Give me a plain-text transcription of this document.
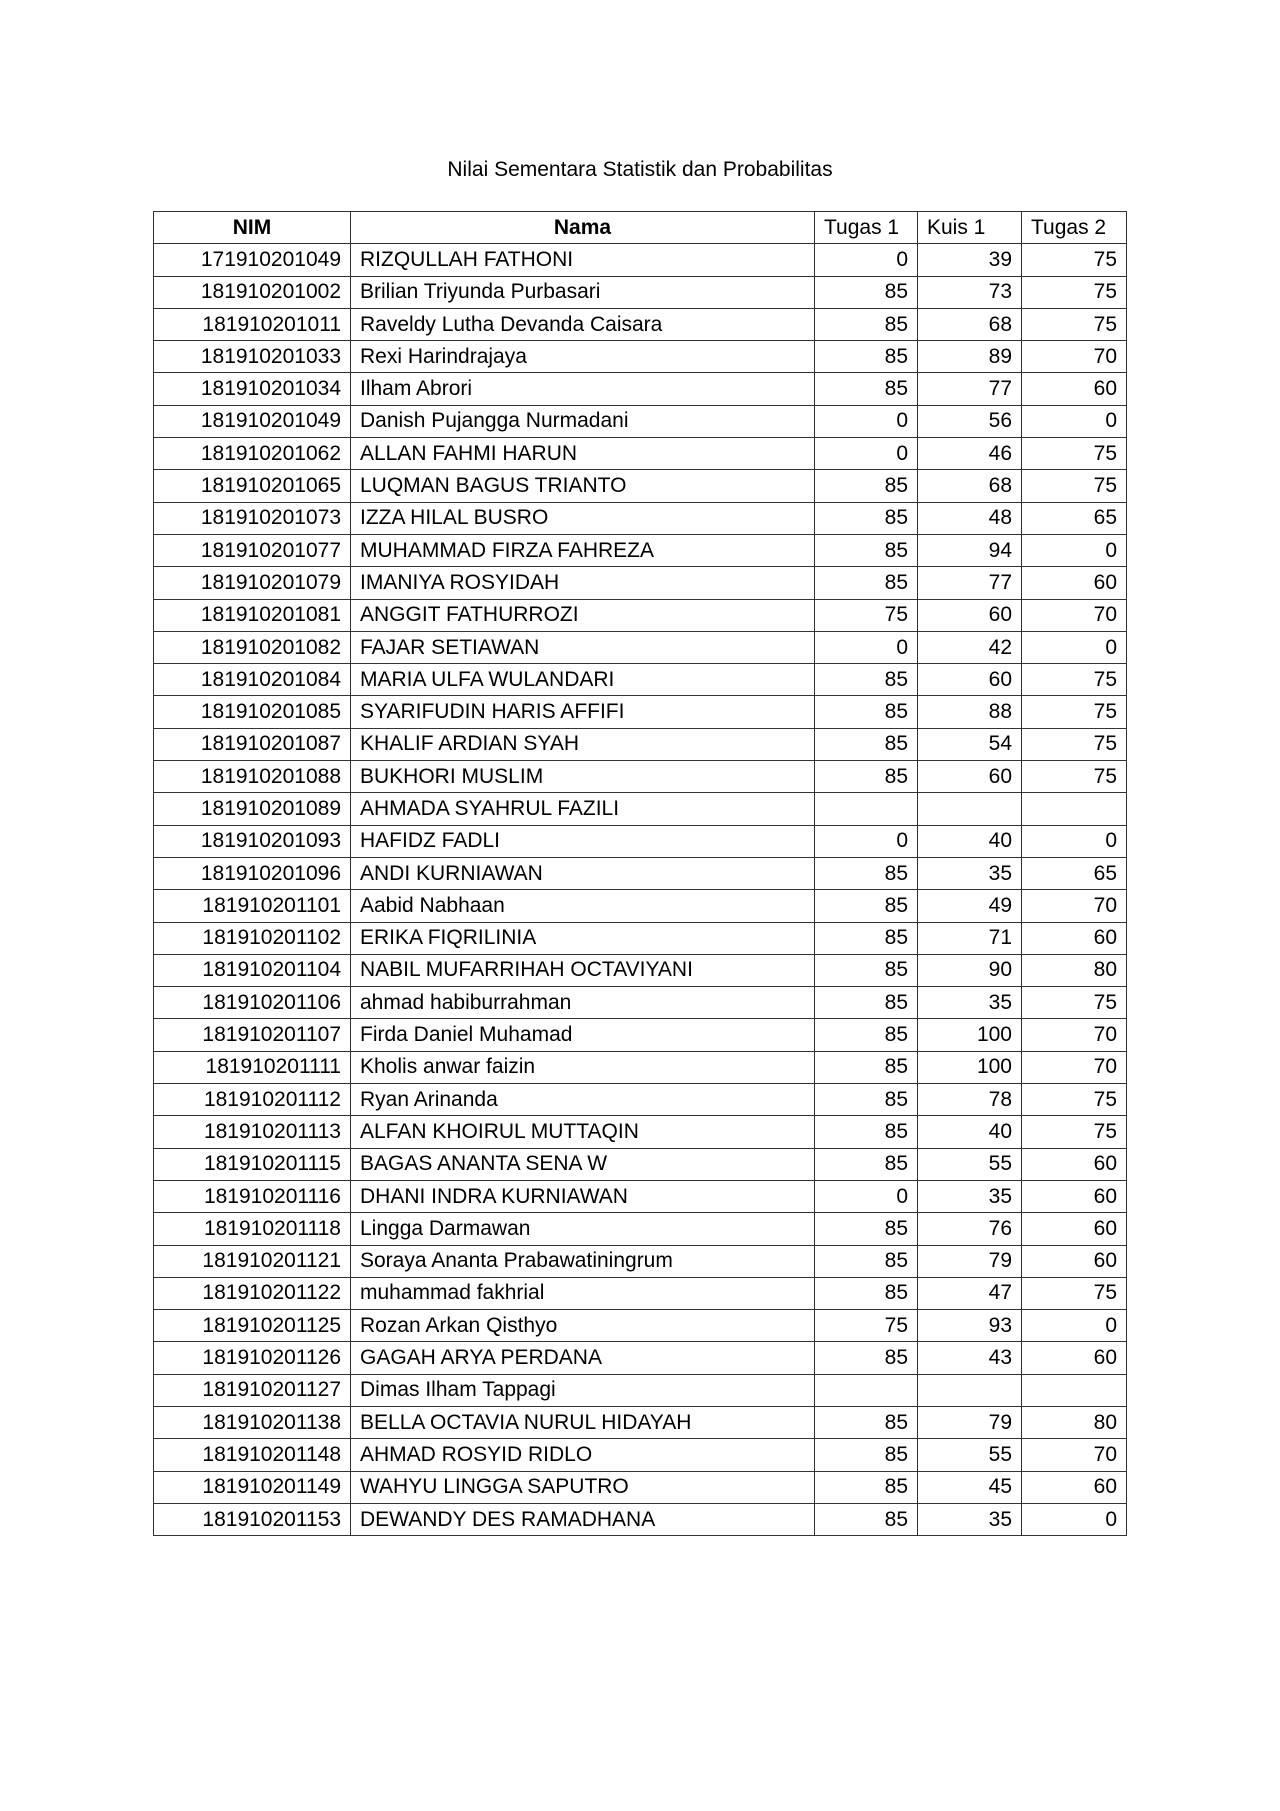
Nilai Sementara Statistik dan Probabilitas
NIM	Nama	Tugas 1	Kuis 1	Tugas 2
171910201049	RIZQULLAH FATHONI	0	39	75
181910201002	Brilian Triyunda Purbasari	85	73	75
181910201011	Raveldy Lutha Devanda Caisara	85	68	75
181910201033	Rexi Harindrajaya	85	89	70
181910201034	Ilham Abrori	85	77	60
181910201049	Danish Pujangga Nurmadani	0	56	0
181910201062	ALLAN FAHMI HARUN	0	46	75
181910201065	LUQMAN BAGUS TRIANTO	85	68	75
181910201073	IZZA HILAL BUSRO	85	48	65
181910201077	MUHAMMAD FIRZA FAHREZA	85	94	0
181910201079	IMANIYA ROSYIDAH	85	77	60
181910201081	ANGGIT FATHURROZI	75	60	70
181910201082	FAJAR SETIAWAN	0	42	0
181910201084	MARIA ULFA WULANDARI	85	60	75
181910201085	SYARIFUDIN HARIS AFFIFI	85	88	75
181910201087	KHALIF ARDIAN SYAH	85	54	75
181910201088	BUKHORI MUSLIM	85	60	75
181910201089	AHMADA SYAHRUL FAZILI			
181910201093	HAFIDZ FADLI	0	40	0
181910201096	ANDI KURNIAWAN	85	35	65
181910201101	Aabid Nabhaan	85	49	70
181910201102	ERIKA FIQRILINIA	85	71	60
181910201104	NABIL MUFARRIHAH OCTAVIYANI	85	90	80
181910201106	ahmad habiburrahman	85	35	75
181910201107	Firda Daniel Muhamad	85	100	70
181910201111	Kholis anwar faizin	85	100	70
181910201112	Ryan Arinanda	85	78	75
181910201113	ALFAN KHOIRUL MUTTAQIN	85	40	75
181910201115	BAGAS ANANTA SENA W	85	55	60
181910201116	DHANI INDRA KURNIAWAN	0	35	60
181910201118	Lingga Darmawan	85	76	60
181910201121	Soraya Ananta Prabawatiningrum	85	79	60
181910201122	muhammad fakhrial	85	47	75
181910201125	Rozan Arkan Qisthyo	75	93	0
181910201126	GAGAH ARYA PERDANA	85	43	60
181910201127	Dimas Ilham Tappagi			
181910201138	BELLA OCTAVIA NURUL HIDAYAH	85	79	80
181910201148	AHMAD ROSYID RIDLO	85	55	70
181910201149	WAHYU LINGGA SAPUTRO	85	45	60
181910201153	DEWANDY DES RAMADHANA	85	35	0
